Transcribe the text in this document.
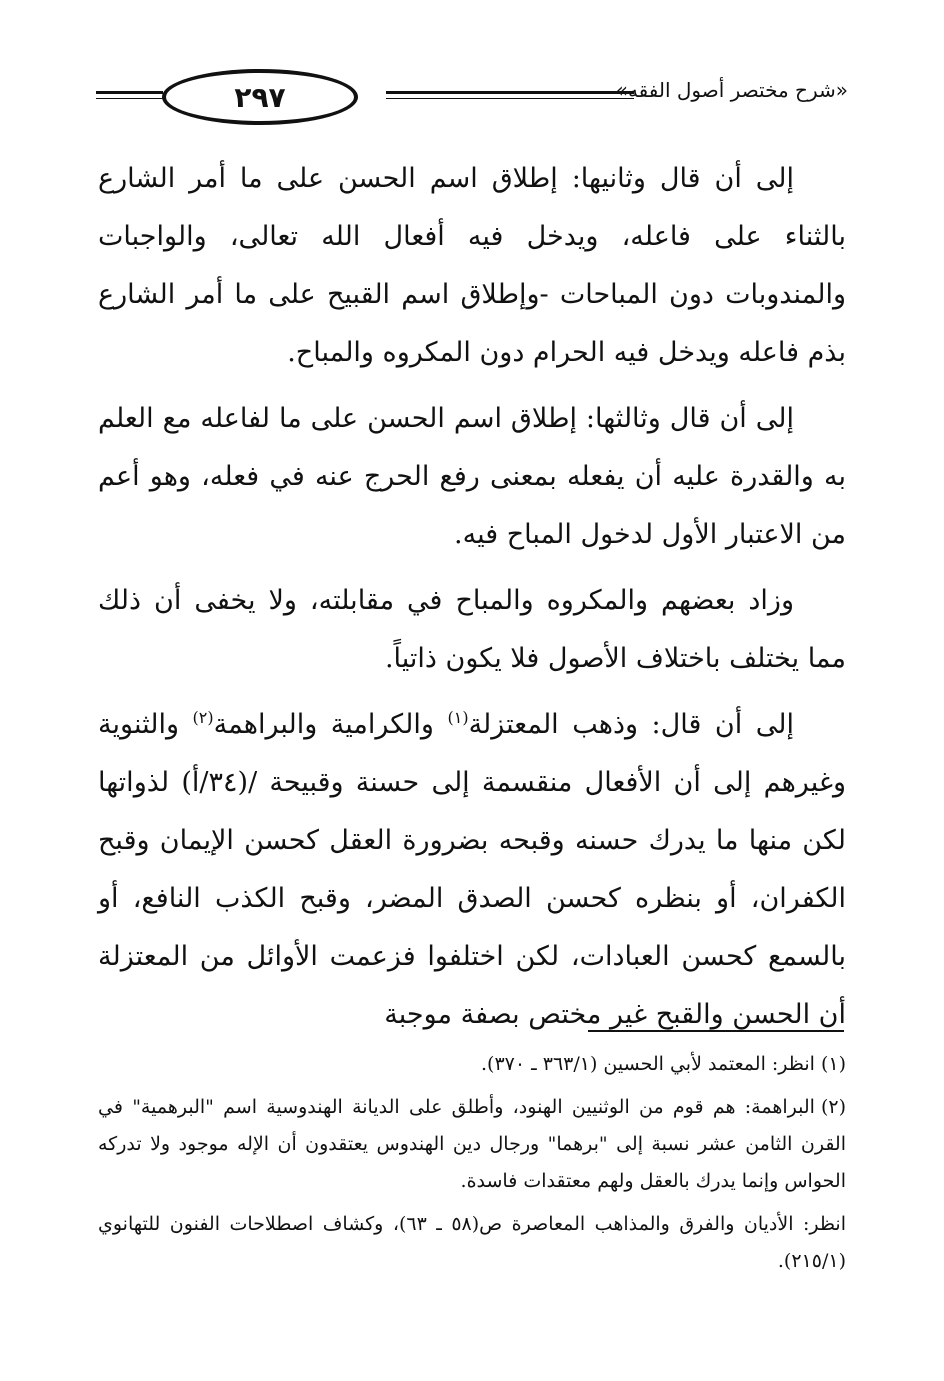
٢٩٧	«شرح مختصر أصول الفقه»

إلى أن قال وثانيها: إطلاق اسم الحسن على ما أمر الشارع بالثناء على فاعله، ويدخل فيه أفعال الله تعالى، والواجبات والمندوبات دون المباحات -وإطلاق اسم القبيح على ما أمر الشارع بذم فاعله ويدخل فيه الحرام دون المكروه والمباح.

إلى أن قال وثالثها: إطلاق اسم الحسن على ما لفاعله مع العلم به والقدرة عليه أن يفعله بمعنى رفع الحرج عنه في فعله، وهو أعم من الاعتبار الأول لدخول المباح فيه.

وزاد بعضهم والمكروه والمباح في مقابلته، ولا يخفى أن ذلك مما يختلف باختلاف الأصول فلا يكون ذاتياً.

إلى أن قال: وذهب المعتزلة$^{(١)}$ والكرامية والبراهمة$^{(٢)}$ والثنوية وغيرهم إلى أن الأفعال منقسمة إلى حسنة وقبيحة /(٣٤/أ) لذواتها لكن منها ما يدرك حسنه وقبحه بضرورة العقل كحسن الإيمان وقبح الكفران، أو بنظره كحسن الصدق المضر، وقبح الكذب النافع، أو بالسمع كحسن العبادات، لكن اختلفوا فزعمت الأوائل من المعتزلة أن الحسن والقبح غير مختص بصفة موجبة

(١)انظر: المعتمد لأبي الحسين (٣٦٣/١ ـ ٣٧٠).

(٢)البراهمة: هم قوم من الوثنيين الهنود، وأطلق على الديانة الهندوسية اسم "البرهمية" في القرن الثامن عشر نسبة إلى "برهما" ورجال دين الهندوس يعتقدون أن الإله موجود ولا تدركه الحواس وإنما يدرك بالعقل ولهم معتقدات فاسدة.

انظر: الأديان والفرق والمذاهب المعاصرة ص(٥٨ ـ ٦٣)، وكشاف اصطلاحات الفنون للتهانوي (٢١٥/١).
